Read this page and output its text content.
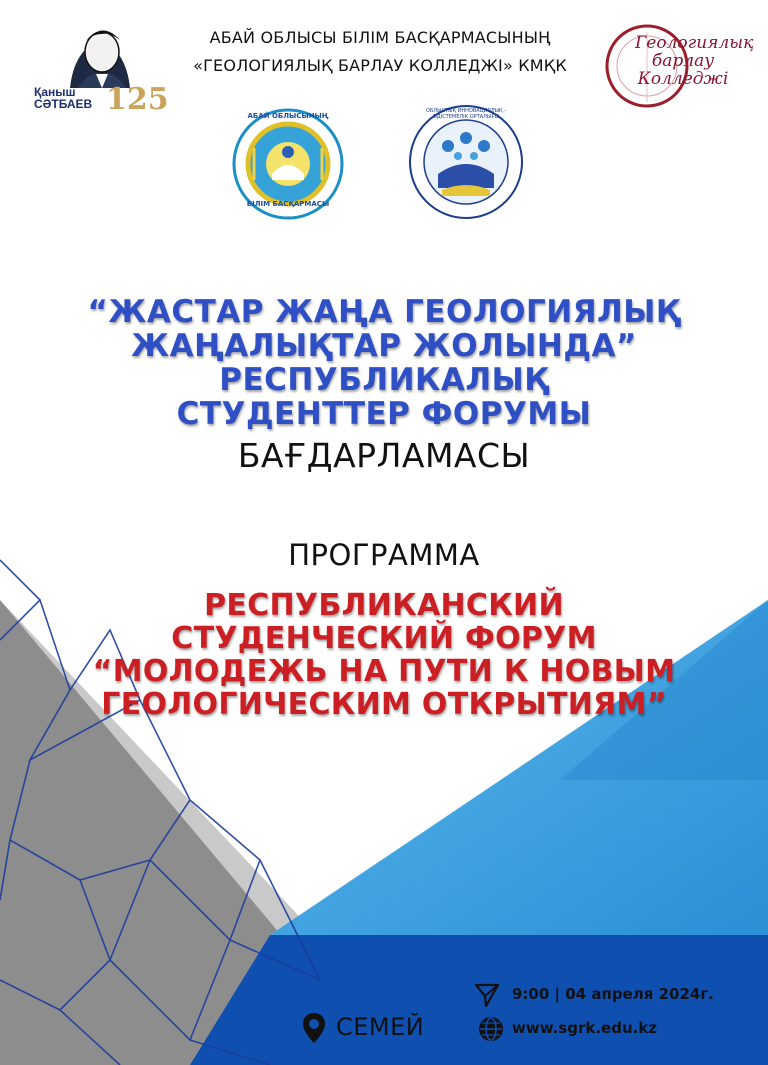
Қаныш
СӘТБАЕВ 125
АБАЙ ОБЛЫСЫ БІЛІМ БАСҚАРМАСЫНЫҢ
«ГЕОЛОГИЯЛЫҚ БАРЛАУ КОЛЛЕДЖІ» КМҚК
Геологиялық
барлау
Колледжі
АБАЙ ОБЛЫСЫНЫҢ
БІЛІМ БАСҚАРМАСЫ
ОБЛЫСТЫҚ ИННОВАЦИЯЛЫҚ - ӘДІСТЕМЕЛІК ОРТАЛЫҒЫ
“ЖАСТАР ЖАҢА ГЕОЛОГИЯЛЫҚ
ЖАҢАЛЫҚТАР ЖОЛЫНДА”
РЕСПУБЛИКАЛЫҚ
СТУДЕНТТЕР ФОРУМЫ
БАҒДАРЛАМАСЫ
ПРОГРАММА
РЕСПУБЛИКАНСКИЙ
СТУДЕНЧЕСКИЙ ФОРУМ
“МОЛОДЕЖЬ НА ПУТИ К НОВЫМ
ГЕОЛОГИЧЕСКИМ ОТКРЫТИЯМ”
9:00 | 04 апреля 2024г.
СЕМЕЙ	www.sgrk.edu.kz
